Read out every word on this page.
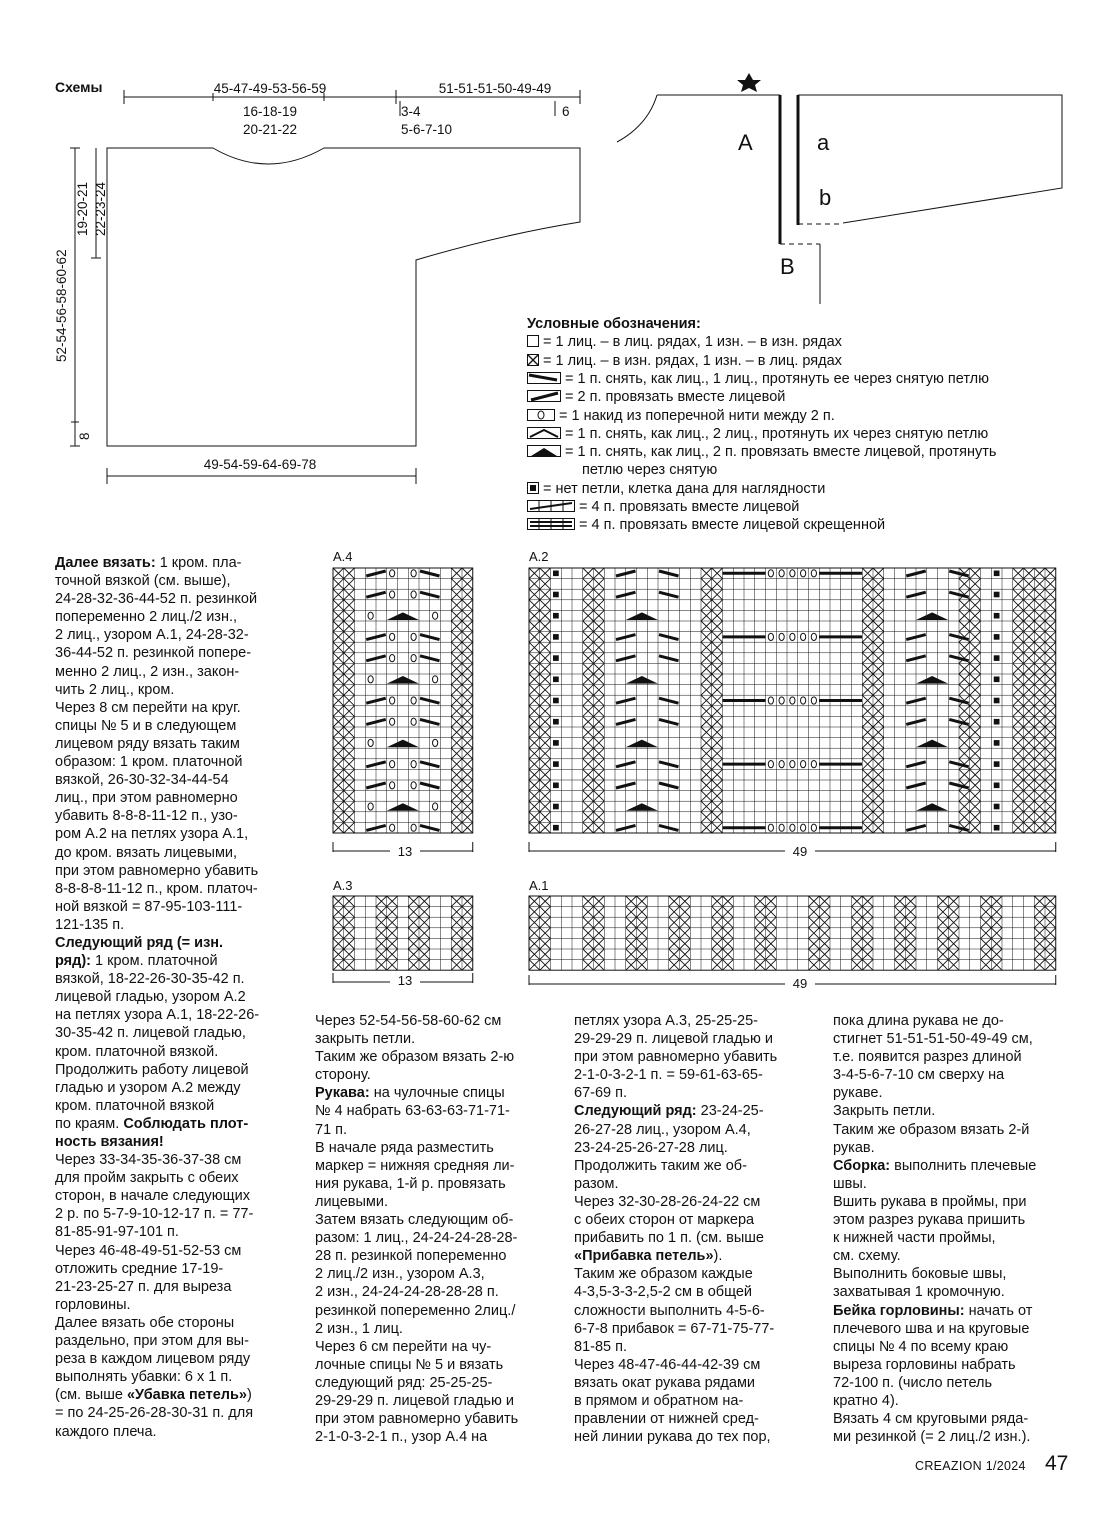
Схемы	45-47-49-53-56-59
16-18-19
20-21-22
51-51-51-50-49-49
3-4
5-6-7-10
6
19-20-21 22-23-24
52-54-56-58-60-62
8
49-54-59-64-69-78
A	a
b
B
Условные обозначения:
= 1 лиц. – в лиц. рядах, 1 изн. – в изн. рядах
= 1 лиц. – в изн. рядах, 1 изн. – в лиц. рядах
= 1 п. снять, как лиц., 1 лиц., протянуть ее через снятую петлю
= 2 п. провязать вместе лицевой
= 1 накид из поперечной нити между 2 п.
= 1 п. снять, как лиц., 2 лиц., протянуть их через снятую петлю
= 1 п. снять, как лиц., 2 п. провязать вместе лицевой, протянуть
петлю через снятую
= нет петли, клетка дана для наглядности
= 4 п. провязать вместе лицевой
= 4 п. провязать вместе лицевой скрещенной
A.4	A.2
A.3	A.1
13	49
13	49

Далее вязать: 1 кром. пла-

точной вязкой (см. выше),

24-28-32-36-44-52 п. резинкой

попеременно 2 лиц./2 изн.,

2 лиц., узором А.1, 24-28-32-

36-44-52 п. резинкой попере-

менно 2 лиц., 2 изн., закон-

чить 2 лиц., кром.

Через 8 см перейти на круг.

спицы № 5 и в следующем

лицевом ряду вязать таким

образом: 1 кром. платочной

вязкой, 26-30-32-34-44-54

лиц., при этом равномерно

убавить 8-8-8-11-12 п., узо-

ром А.2 на петлях узора А.1,

до кром. вязать лицевыми,

при этом равномерно убавить

8-8-8-8-11-12 п., кром. платоч-

ной вязкой = 87-95-103-111-

121-135 п.

Следующий ряд (= изн.

ряд): 1 кром. платочной

вязкой, 18-22-26-30-35-42 п.

лицевой гладью, узором А.2

на петлях узора А.1, 18-22-26-

30-35-42 п. лицевой гладью,

кром. платочной вязкой.

Продолжить работу лицевой

гладью и узором А.2 между

кром. платочной вязкой

по краям. Соблюдать плот-

ность вязания!

Через 33-34-35-36-37-38 см

для пройм закрыть с обеих

сторон, в начале следующих

2 р. по 5-7-9-10-12-17 п. = 77-

81-85-91-97-101 п.

Через 46-48-49-51-52-53 см

отложить средние 17-19-

21-23-25-27 п. для выреза

горловины.

Далее вязать обе стороны

раздельно, при этом для вы-

реза в каждом лицевом ряду

выполнять убавки: 6 х 1 п.

(см. выше «Убавка петель»)

= по 24-25-26-28-30-31 п. для

каждого плеча.

Через 52-54-56-58-60-62 см

закрыть петли.

Таким же образом вязать 2-ю

сторону.

Рукава: на чулочные спицы

№ 4 набрать 63-63-63-71-71-

71 п.

В начале ряда разместить

маркер = нижняя средняя ли-

ния рукава, 1-й р. провязать

лицевыми.

Затем вязать следующим об-

разом: 1 лиц., 24-24-24-28-28-

28 п. резинкой попеременно

2 лиц./2 изн., узором А.3,

2 изн., 24-24-24-28-28-28 п.

резинкой попеременно 2лиц./

2 изн., 1 лиц.

Через 6 см перейти на чу-

лочные спицы № 5 и вязать

следующий ряд: 25-25-25-

29-29-29 п. лицевой гладью и

при этом равномерно убавить

2-1-0-3-2-1 п., узор А.4 на

петлях узора А.3, 25-25-25-

29-29-29 п. лицевой гладью и

при этом равномерно убавить

2-1-0-3-2-1 п. = 59-61-63-65-

67-69 п.

Следующий ряд: 23-24-25-

26-27-28 лиц., узором А.4,

23-24-25-26-27-28 лиц.

Продолжить таким же об-

разом.

Через 32-30-28-26-24-22 см

с обеих сторон от маркера

прибавить по 1 п. (см. выше

«Прибавка петель»).

Таким же образом каждые

4-3,5-3-3-2,5-2 см в общей

сложности выполнить 4-5-6-

6-7-8 прибавок = 67-71-75-77-

81-85 п.

Через 48-47-46-44-42-39 см

вязать окат рукава рядами

в прямом и обратном на-

правлении от нижней сред-

ней линии рукава до тех пор,

пока длина рукава не до-

стигнет 51-51-51-50-49-49 см,

т.е. появится разрез длиной

3-4-5-6-7-10 см сверху на

рукаве.

Закрыть петли.

Таким же образом вязать 2-й

рукав.

Сборка: выполнить плечевые

швы.

Вшить рукава в проймы, при

этом разрез рукава пришить

к нижней части проймы,

см. схему.

Выполнить боковые швы,

захватывая 1 кромочную.

Бейка горловины: начать от

плечевого шва и на круговые

спицы № 4 по всему краю

выреза горловины набрать

72-100 п. (число петель

кратно 4).

Вязать 4 см круговыми ряда-

ми резинкой (= 2 лиц./2 изн.).

CREAZION 1/2024 47
